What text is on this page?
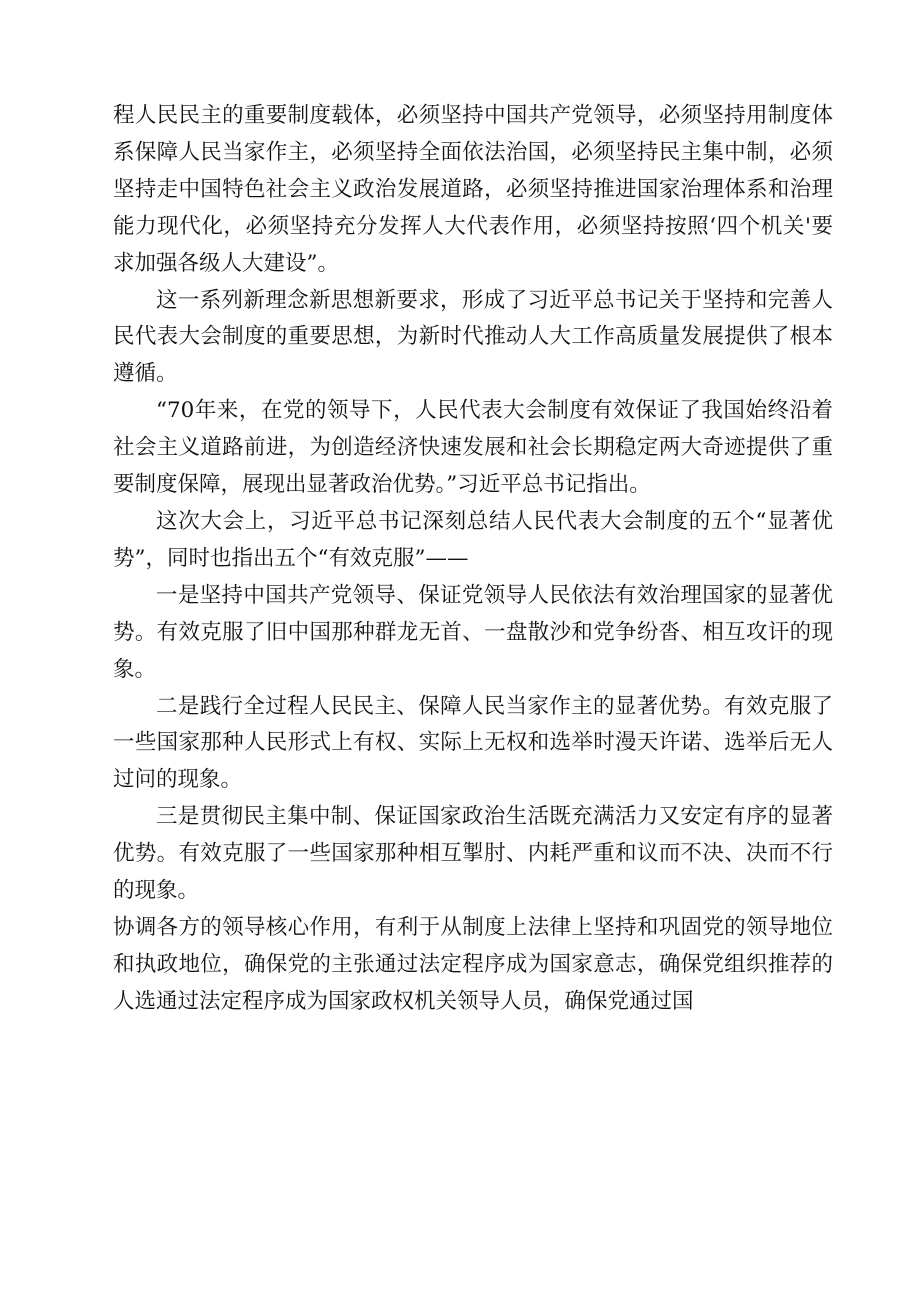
程人民民主的重要制度载体，必须坚持中国共产党领导，必须坚持用制度体系保障人民当家作主，必须坚持全面依法治国，必须坚持民主集中制，必须坚持走中国特色社会主义政治发展道路，必须坚持推进国家治理体系和治理能力现代化，必须坚持充分发挥人大代表作用，必须坚持按照‘四个机关'要求加强各级人大建设”。

这一系列新理念新思想新要求，形成了习近平总书记关于坚持和完善人民代表大会制度的重要思想，为新时代推动人大工作高质量发展提供了根本遵循。

“70年来，在党的领导下，人民代表大会制度有效保证了我国始终沿着社会主义道路前进，为创造经济快速发展和社会长期稳定两大奇迹提供了重要制度保障，展现出显著政治优势。”习近平总书记指出。

这次大会上，习近平总书记深刻总结人民代表大会制度的五个“显著优势”，同时也指出五个“有效克服”——

一是坚持中国共产党领导、保证党领导人民依法有效治理国家的显著优势。有效克服了旧中国那种群龙无首、一盘散沙和党争纷沓、相互攻讦的现象。

二是践行全过程人民民主、保障人民当家作主的显著优势。有效克服了一些国家那种人民形式上有权、实际上无权和选举时漫天许诺、选举后无人过问的现象。

三是贯彻民主集中制、保证国家政治生活既充满活力又安定有序的显著优势。有效克服了一些国家那种相互掣肘、内耗严重和议而不决、决而不行的现象。

协调各方的领导核心作用，有利于从制度上法律上坚持和巩固党的领导地位和执政地位，确保党的主张通过法定程序成为国家意志，确保党组织推荐的人选通过法定程序成为国家政权机关领导人员，确保党通过国
